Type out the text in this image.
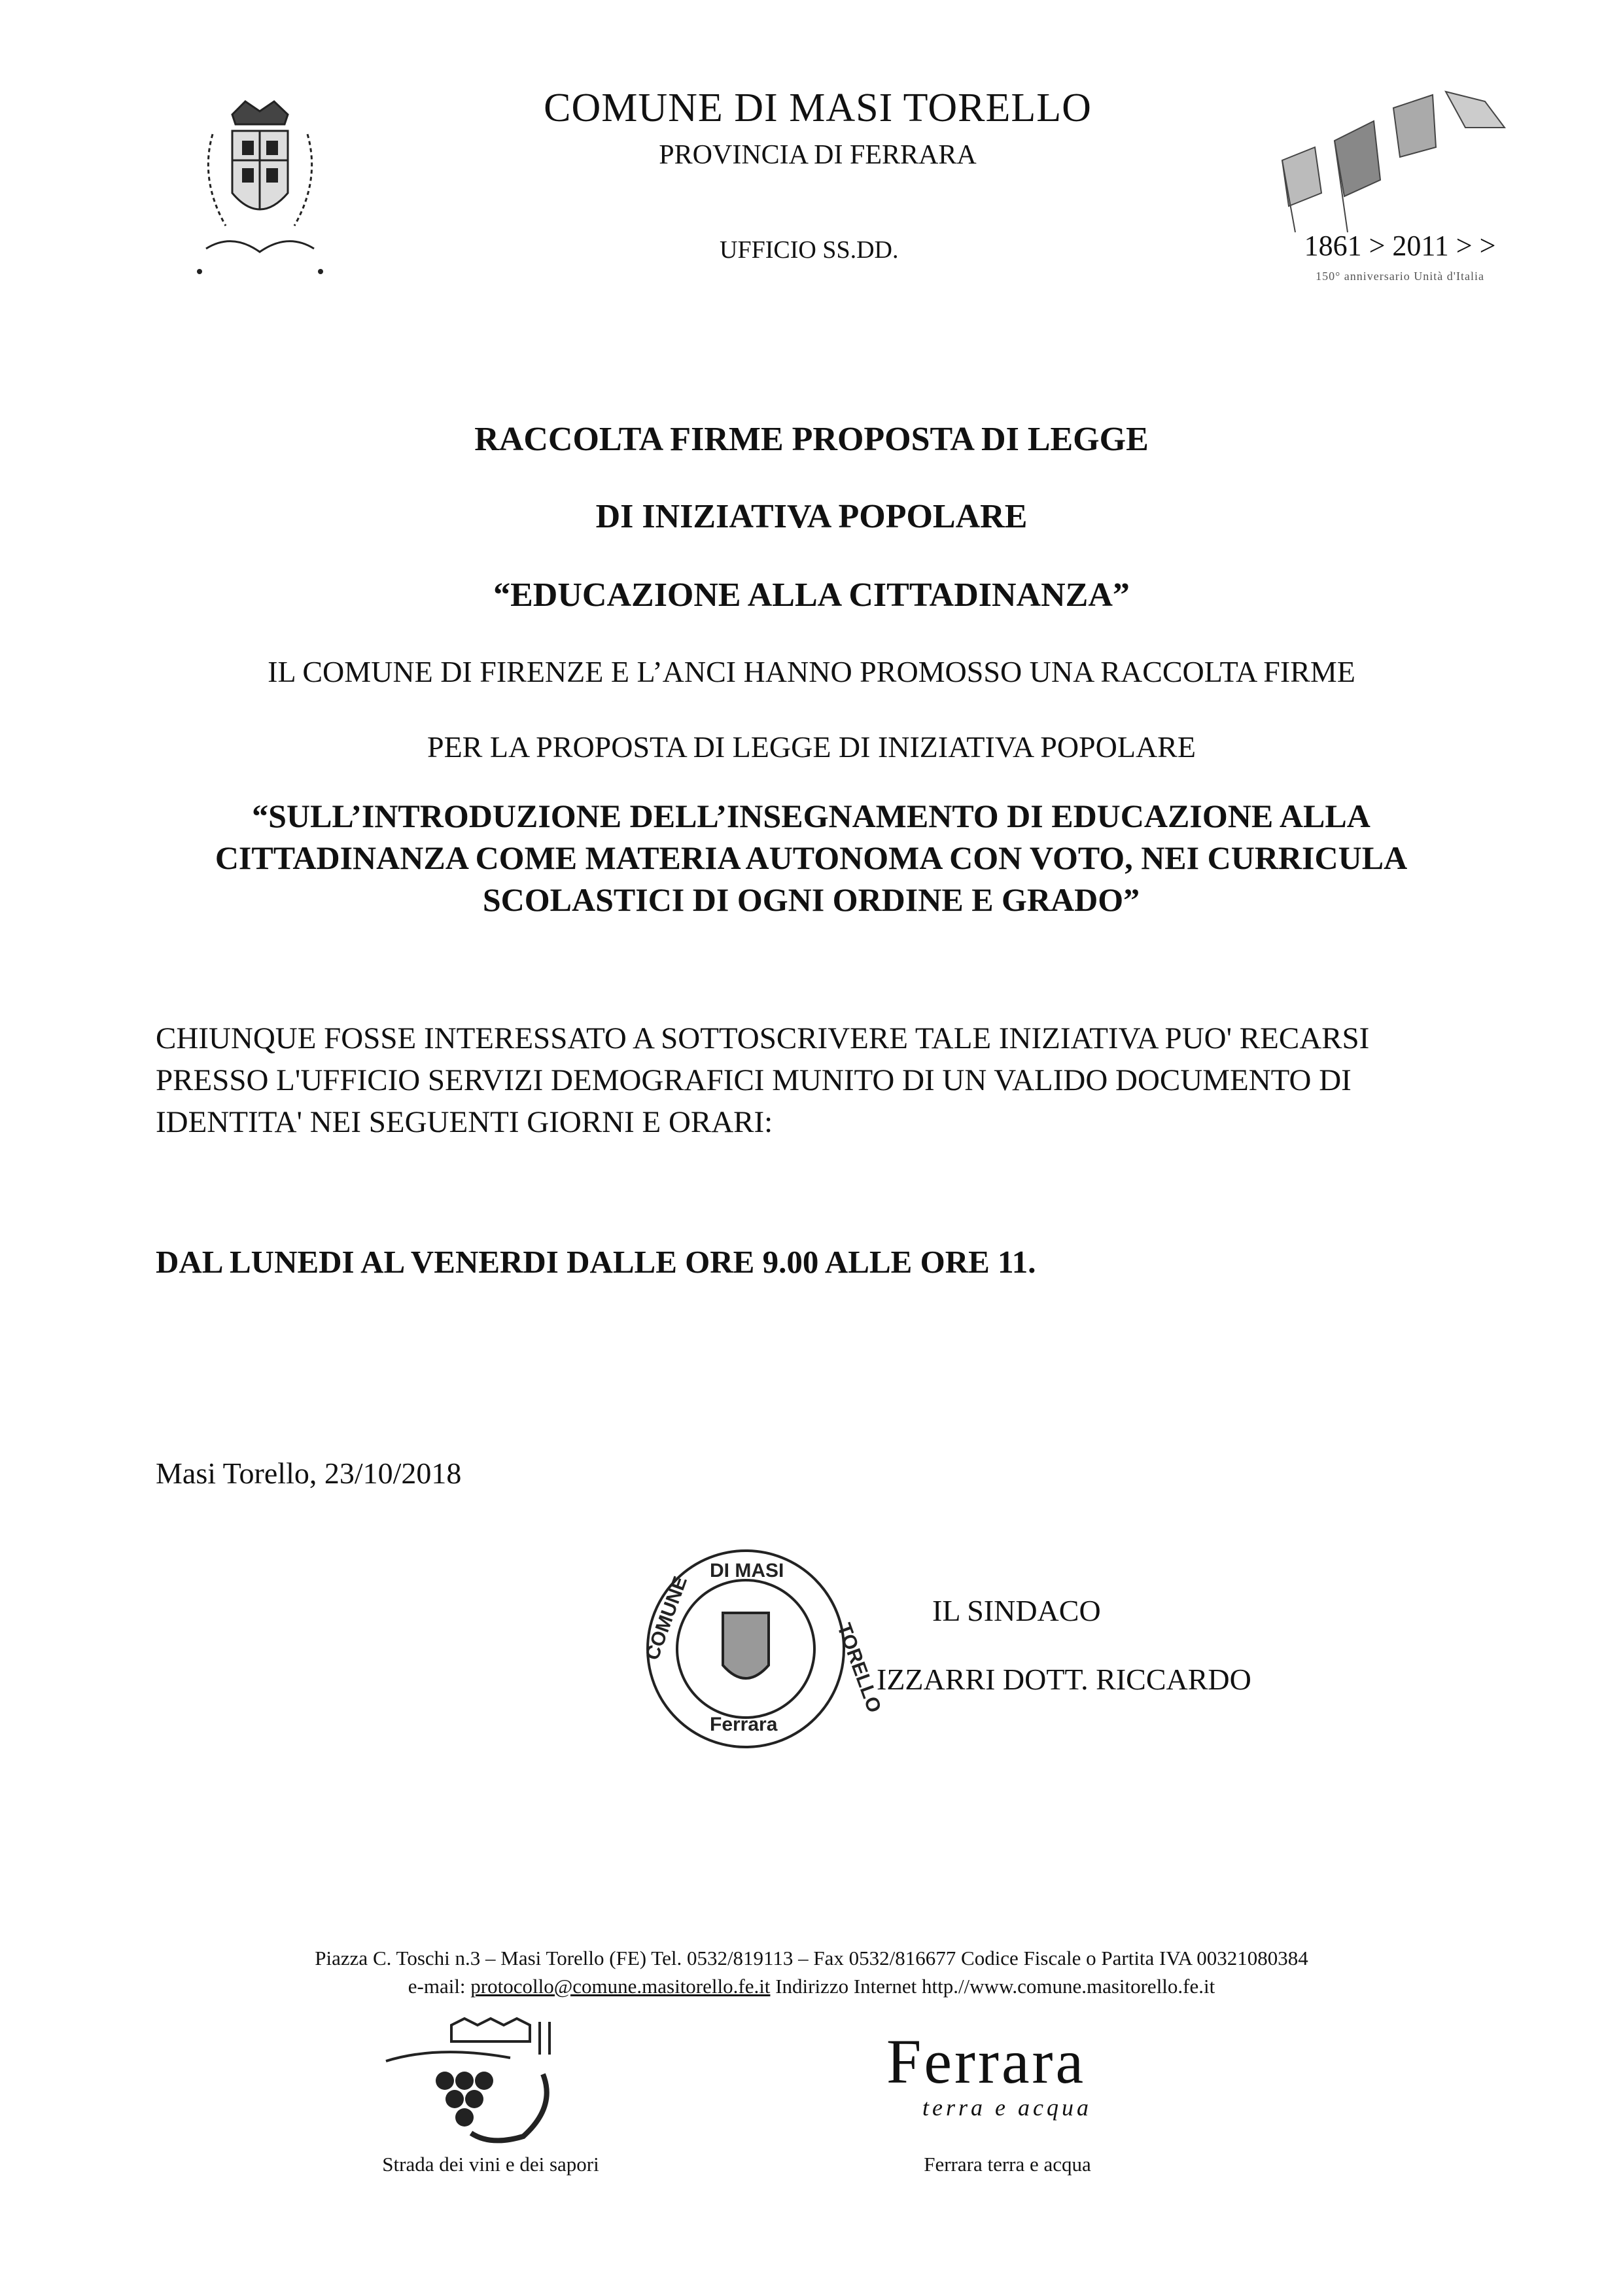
COMUNE DI MASI TORELLO
PROVINCIA DI FERRARA
UFFICIO SS.DD.	1861 > 2011 > >
150° anniversario Unità d'Italia
RACCOLTA FIRME PROPOSTA DI LEGGE
DI INIZIATIVA POPOLARE
“EDUCAZIONE ALLA CITTADINANZA”
IL COMUNE DI FIRENZE E L’ANCI HANNO PROMOSSO UNA RACCOLTA FIRME
PER LA PROPOSTA DI LEGGE DI INIZIATIVA POPOLARE
“SULL’INTRODUZIONE DELL’INSEGNAMENTO DI EDUCAZIONE ALLA
CITTADINANZA COME MATERIA AUTONOMA CON VOTO, NEI CURRICULA
SCOLASTICI DI OGNI ORDINE E GRADO”
CHIUNQUE FOSSE INTERESSATO A SOTTOSCRIVERE TALE INIZIATIVA PUO' RECARSI
PRESSO L'UFFICIO SERVIZI DEMOGRAFICI MUNITO DI UN VALIDO DOCUMENTO DI
IDENTITA' NEI SEGUENTI GIORNI E ORARI:
DAL LUNEDI AL VENERDI DALLE ORE 9.00 ALLE ORE 11.
Masi Torello, 23/10/2018
DI MASI
COMUNE
TORELLO
Ferrara
IL SINDACO
IZZARRI DOTT. RICCARDO
Piazza C. Toschi n.3 – Masi Torello (FE) Tel. 0532/819113 – Fax 0532/816677 Codice Fiscale o Partita IVA 00321080384
e-mail: protocollo@comune.masitorello.fe.it Indirizzo Internet http.//www.comune.masitorello.fe.it
Strada dei vini e dei sapori
Ferrara
terra e acqua
Ferrara terra e acqua
